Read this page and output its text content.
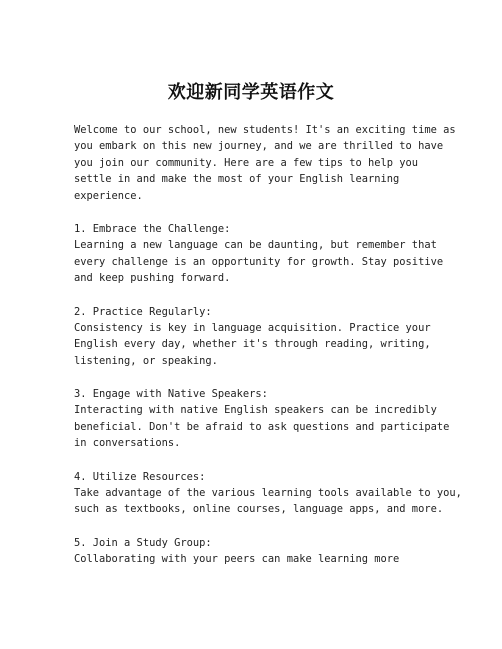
欢迎新同学英语作文
Welcome to our school, new students! It's an exciting time as
you embark on this new journey, and we are thrilled to have
you join our community. Here are a few tips to help you
settle in and make the most of your English learning
experience.
1. Embrace the Challenge:
Learning a new language can be daunting, but remember that
every challenge is an opportunity for growth. Stay positive
and keep pushing forward.
2. Practice Regularly:
Consistency is key in language acquisition. Practice your
English every day, whether it's through reading, writing,
listening, or speaking.
3. Engage with Native Speakers:
Interacting with native English speakers can be incredibly
beneficial. Don't be afraid to ask questions and participate
in conversations.
4. Utilize Resources:
Take advantage of the various learning tools available to you,
such as textbooks, online courses, language apps, and more.
5. Join a Study Group:
Collaborating with your peers can make learning more
